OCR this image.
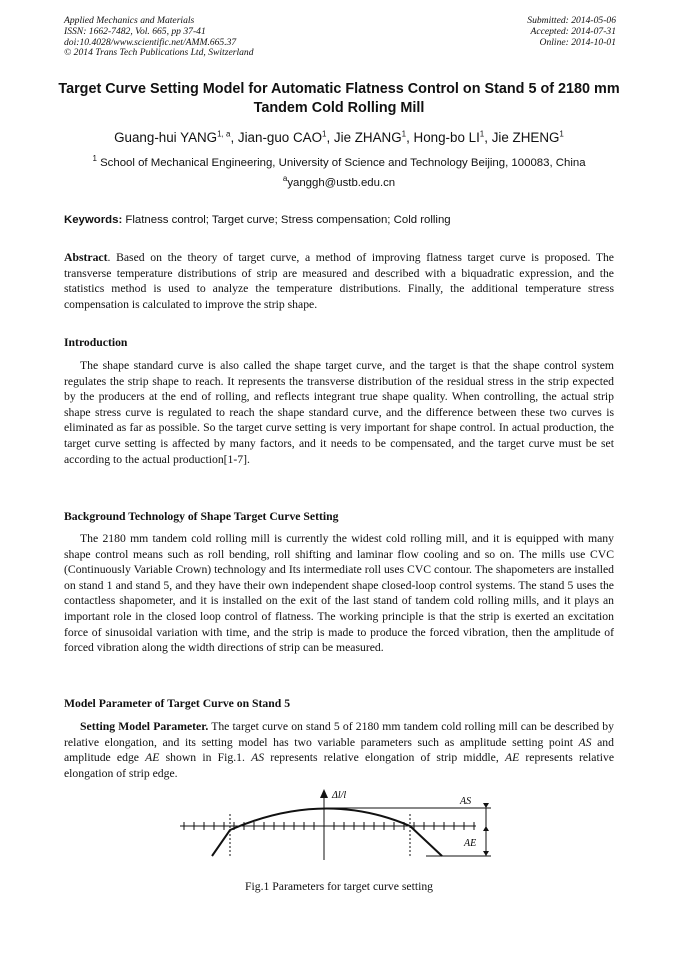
Applied Mechanics and Materials
ISSN: 1662-7482, Vol. 665, pp 37-41
doi:10.4028/www.scientific.net/AMM.665.37
© 2014 Trans Tech Publications Ltd, Switzerland
Submitted: 2014-05-06
Accepted: 2014-07-31
Online: 2014-10-01
Target Curve Setting Model for Automatic Flatness Control on Stand 5 of 2180 mm Tandem Cold Rolling Mill
Guang-hui YANG$^{1, a}$, Jian-guo CAO$^1$, Jie ZHANG$^1$, Hong-bo $LI^1$, Jie ZHENG$^1$
$^1$ School of Mechanical Engineering, University of Science and Technology Beijing, 100083, China
$^a$yanggh@ustb.edu.cn
Keywords: Flatness control; Target curve; Stress compensation; Cold rolling
Abstract. Based on the theory of target curve, a method of improving flatness target curve is proposed. The transverse temperature distributions of strip are measured and described with a biquadratic expression, and the statistics method is used to analyze the temperature distributions. Finally, the additional temperature stress compensation is calculated to improve the strip shape.
Introduction
The shape standard curve is also called the shape target curve, and the target is that the shape control system regulates the strip shape to reach. It represents the transverse distribution of the residual stress in the strip expected by the producers at the end of rolling, and reflects integrant true shape quality. When controlling, the actual strip shape stress curve is regulated to reach the shape standard curve, and the difference between these two curves is eliminated as far as possible. So the target curve setting is very important for shape control. In actual production, the target curve setting is affected by many factors, and it needs to be compensated, and the target curve must be set according to the actual production[1-7].
Background Technology of Shape Target Curve Setting
The 2180 mm tandem cold rolling mill is currently the widest cold rolling mill, and it is equipped with many shape control means such as roll bending, roll shifting and laminar flow cooling and so on. The mills use CVC (Continuously Variable Crown) technology and Its intermediate roll uses CVC contour. The shapometers are installed on stand 1 and stand 5, and they have their own independent shape closed-loop control systems. The stand 5 uses the contactless shapometer, and it is installed on the exit of the last stand of tandem cold rolling mills, and it plays an important role in the closed loop control of flatness. The working principle is that the strip is exerted an excitation force of sinusoidal variation with time, and the strip is made to produce the forced vibration, then the amplitude of forced vibration along the width directions of strip can be measured.
Model Parameter of Target Curve on Stand 5
Setting Model Parameter. The target curve on stand 5 of 2180 mm tandem cold rolling mill can be described by relative elongation, and its setting model has two variable parameters such as amplitude setting point AS and amplitude edge AE shown in Fig.1. AS represents relative elongation of strip middle, AE represents relative elongation of strip edge.
Δl/l
AS
AE
Fig.1 Parameters for target curve setting
